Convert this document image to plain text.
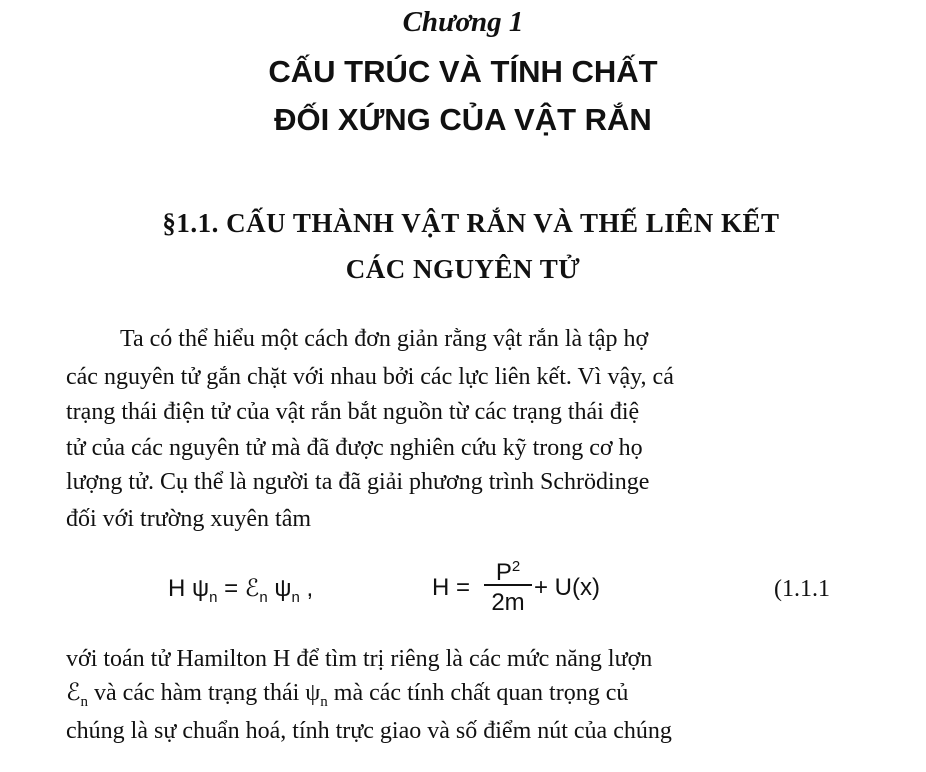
Chương 1
CẤU TRÚC VÀ TÍNH CHẤT
ĐỐI XỨNG CỦA VẬT RẮN
§1.1. CẤU THÀNH VẬT RẮN VÀ THẾ LIÊN KẾT
CÁC NGUYÊN TỬ
Ta có thể hiểu một cách đơn giản rằng vật rắn là tập hợ
các nguyên tử gắn chặt với nhau bởi các lực liên kết. Vì vậy, cá
trạng thái điện tử của vật rắn bắt nguồn từ các trạng thái điệ
tử của các nguyên tử mà đã được nghiên cứu kỹ trong cơ họ
lượng tử. Cụ thể là người ta đã giải phương trình Schrödinge
đối với trường xuyên tâm
H $\psi_n$ = ℰ$_n$ $\psi_n$ ,	H =
$P^2$
2m
+ U(x)	(1.1.1
với toán tử Hamilton H để tìm trị riêng là các mức năng lượn
ℰ$_n$ và các hàm trạng thái $\psi_n$ mà các tính chất quan trọng củ
chúng là sự chuẩn hoá, tính trực giao và số điểm nút của chúng
